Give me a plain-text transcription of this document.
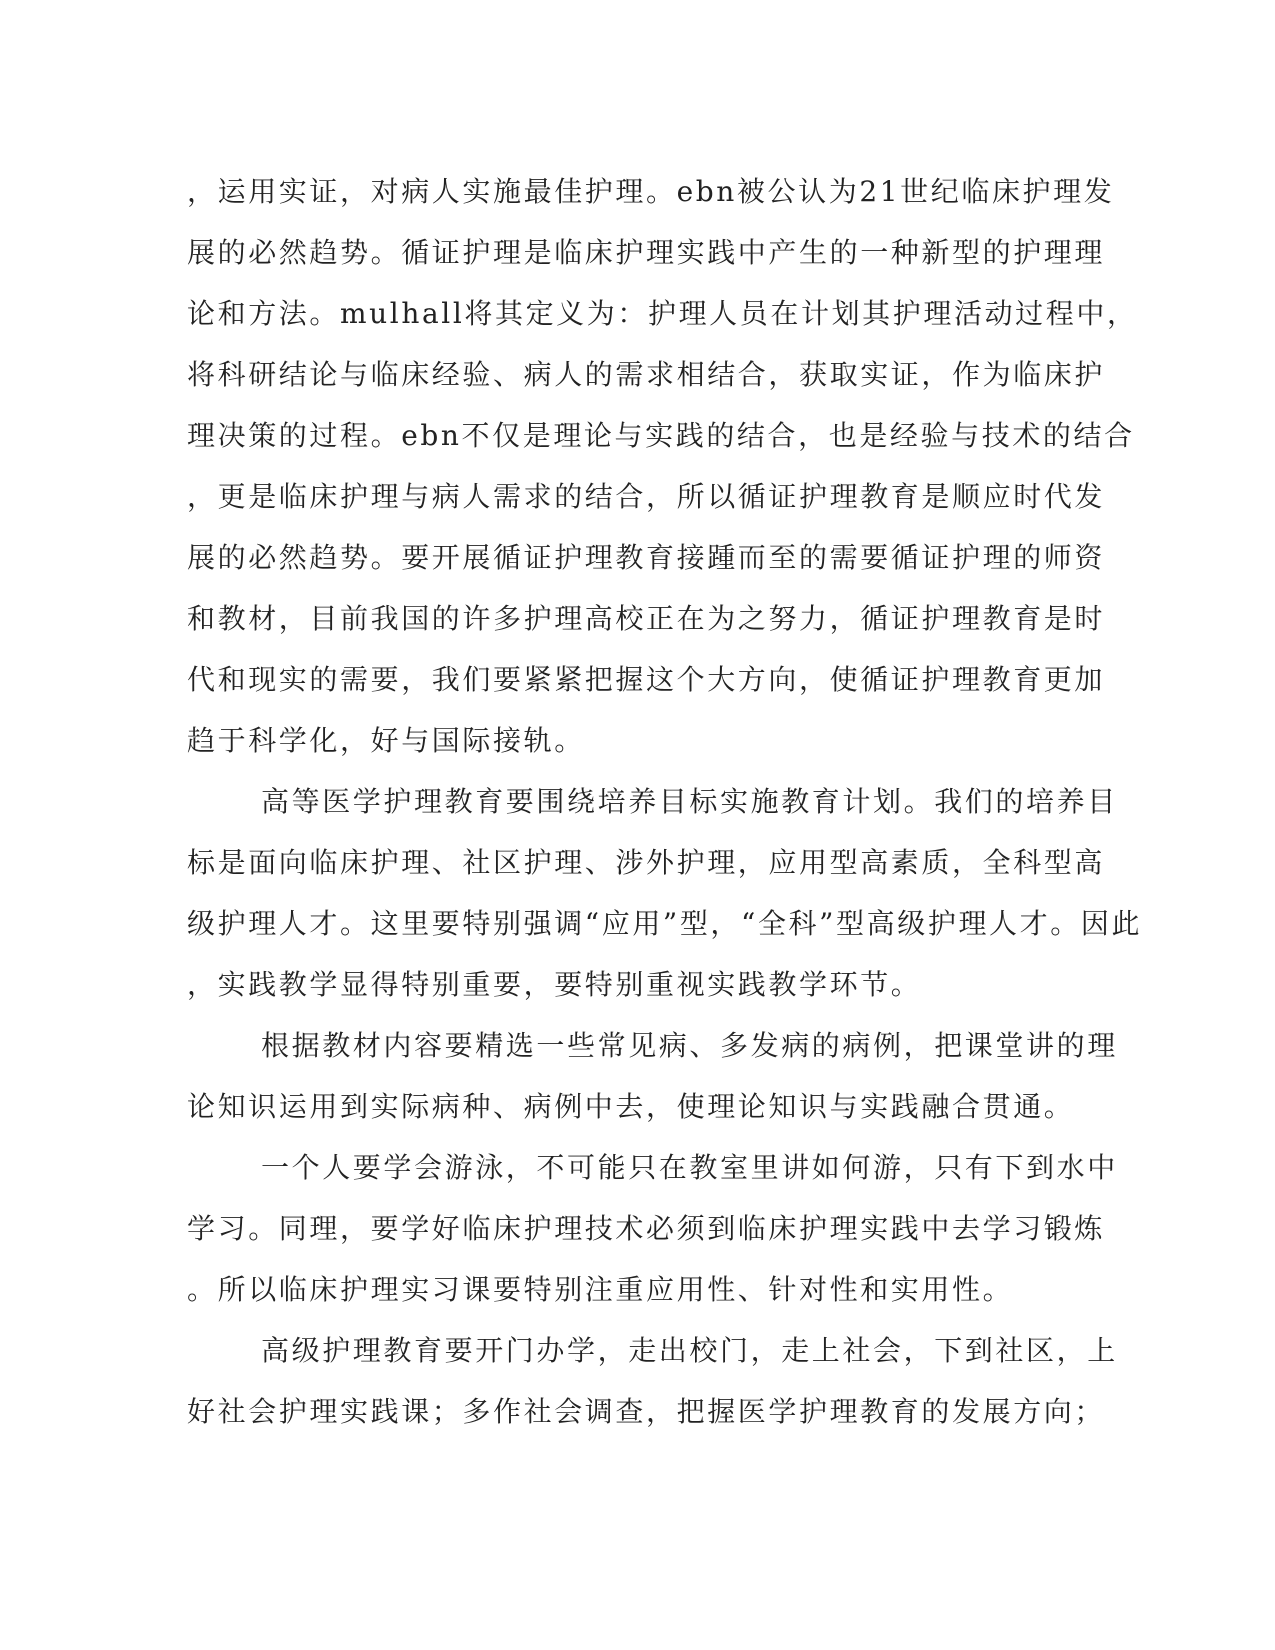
，运用实证，对病人实施最佳护理。ebn被公认为21世纪临床护理发
展的必然趋势。循证护理是临床护理实践中产生的一种新型的护理理
论和方法。mulhall将其定义为：护理人员在计划其护理活动过程中，
将科研结论与临床经验、病人的需求相结合，获取实证，作为临床护
理决策的过程。ebn不仅是理论与实践的结合，也是经验与技术的结合
，更是临床护理与病人需求的结合，所以循证护理教育是顺应时代发
展的必然趋势。要开展循证护理教育接踵而至的需要循证护理的师资
和教材，目前我国的许多护理高校正在为之努力，循证护理教育是时
代和现实的需要，我们要紧紧把握这个大方向，使循证护理教育更加
趋于科学化，好与国际接轨。
高等医学护理教育要围绕培养目标实施教育计划。我们的培养目
标是面向临床护理、社区护理、涉外护理，应用型高素质，全科型高
级护理人才。这里要特别强调“应用”型，“全科”型高级护理人才。因此
，实践教学显得特别重要，要特别重视实践教学环节。
根据教材内容要精选一些常见病、多发病的病例，把课堂讲的理
论知识运用到实际病种、病例中去，使理论知识与实践融合贯通。
一个人要学会游泳，不可能只在教室里讲如何游，只有下到水中
学习。同理，要学好临床护理技术必须到临床护理实践中去学习锻炼
。所以临床护理实习课要特别注重应用性、针对性和实用性。
高级护理教育要开门办学，走出校门，走上社会，下到社区，上
好社会护理实践课；多作社会调查，把握医学护理教育的发展方向；
